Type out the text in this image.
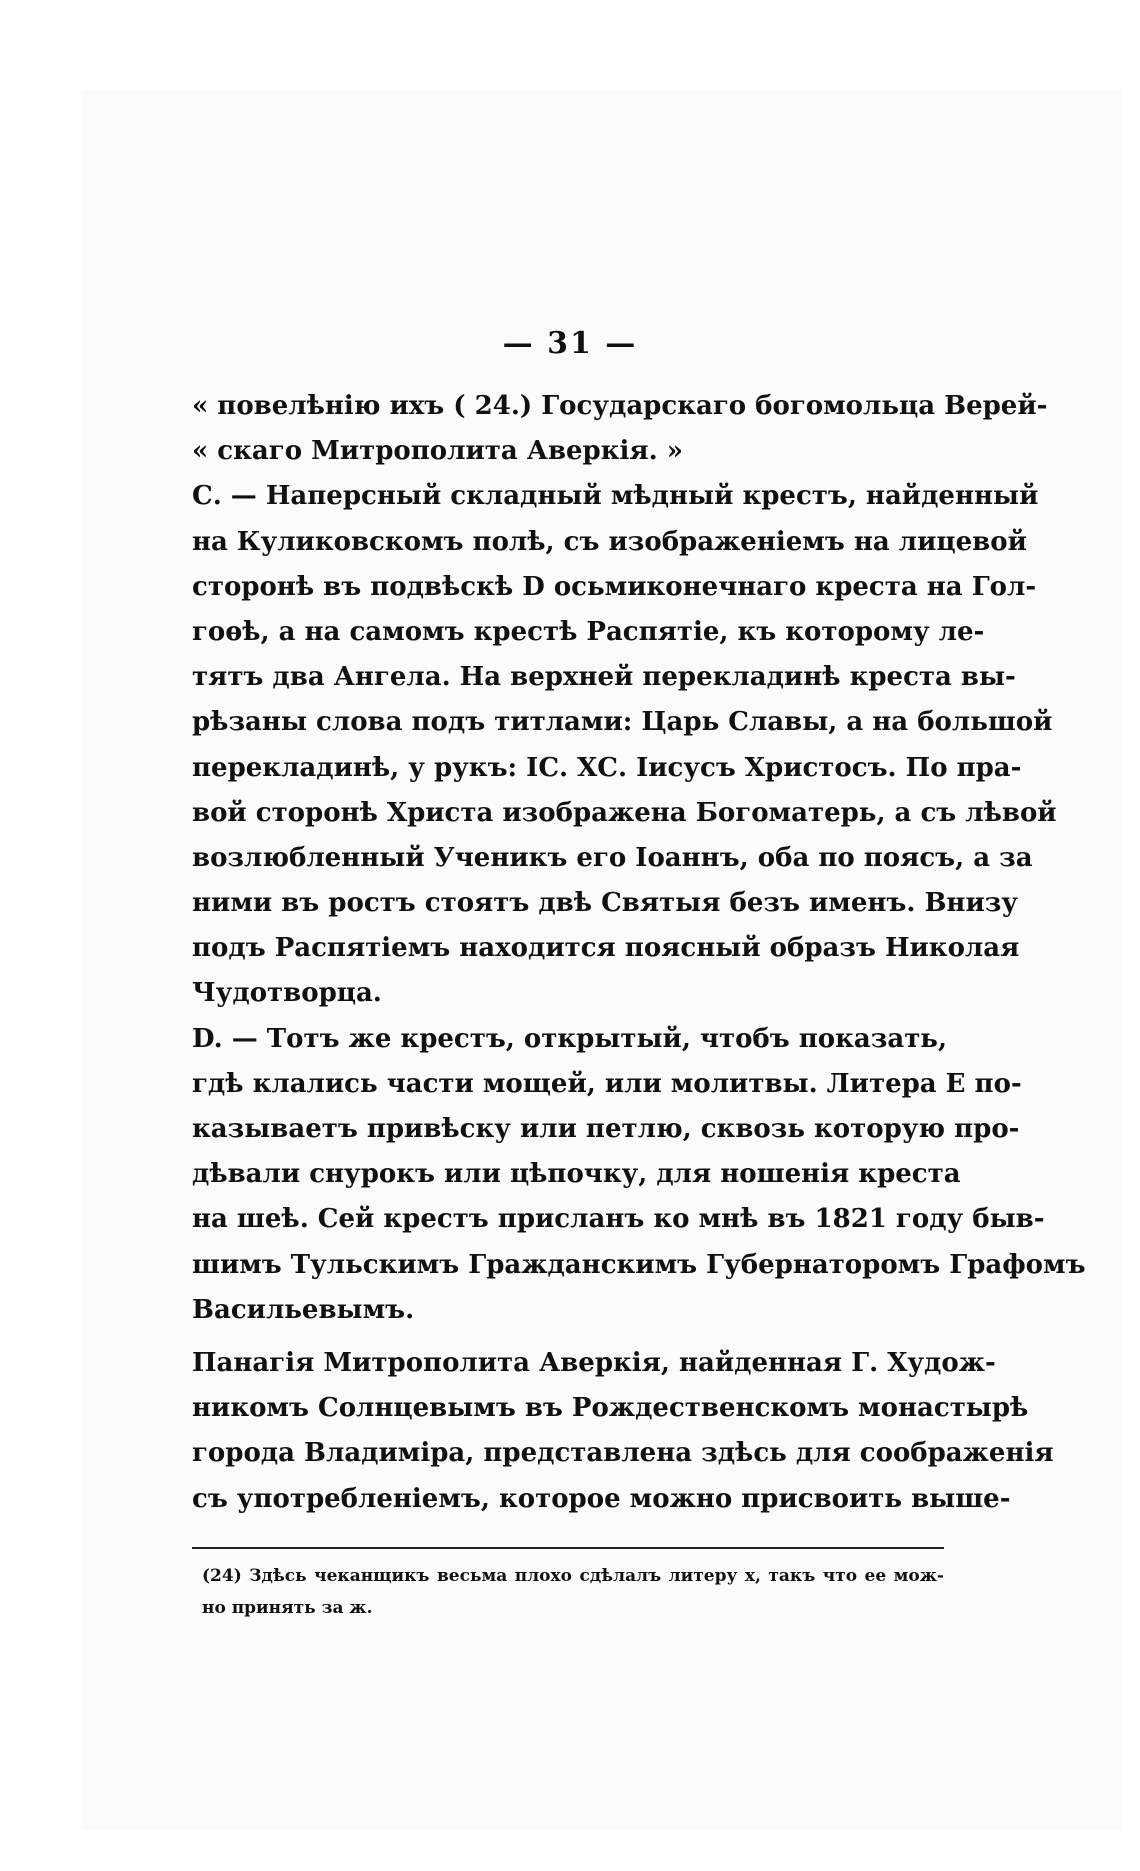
— 31 —
« повелѣнію ихъ ( 24.) Государскаго богомольца Верей-
« скаго Митрополита Аверкія. »
С. — Наперсный складный мѣдный крестъ, найденный
на Куликовскомъ полѣ, съ изображеніемъ на лицевой
сторонѣ въ подвѣскѣ D осьмиконечнаго креста на Гол-
гоѳѣ, а на самомъ крестѣ Распятіе, къ которому ле-
тятъ два Ангела. На верхней перекладинѣ креста вы-
рѣзаны слова подъ титлами: Царь Славы, а на большой
перекладинѣ, у рукъ: IС. ХС. Iисусъ Христосъ. По пра-
вой сторонѣ Христа изображена Богоматерь, а съ лѣвой
возлюбленный Ученикъ его Іоаннъ, оба по поясъ, а за
ними въ ростъ стоятъ двѣ Святыя безъ именъ. Внизу
подъ Распятіемъ находится поясный образъ Николая
Чудотворца.
D. — Тотъ же крестъ, открытый, чтобъ показать,
гдѣ клались части мощей, или молитвы. Литера Е по-
казываетъ привѣску или петлю, сквозь которую про-
дѣвали снурокъ или цѣпочку, для ношенія креста
на шеѣ. Сей крестъ присланъ ко мнѣ въ 1821 году быв-
шимъ Тульскимъ Гражданскимъ Губернаторомъ Графомъ
Васильевымъ.
Панагія Митрополита Аверкія, найденная Г. Худож-
никомъ Солнцевымъ въ Рождественскомъ монастырѣ
города Владиміра, представлена здѣсь для соображенія
съ употребленіемъ, которое можно присвоить выше-
(24) Здѣсь чеканщикъ весьма плохо сдѣлалъ литеру х, такъ что ее мож-
но принять за ж.
